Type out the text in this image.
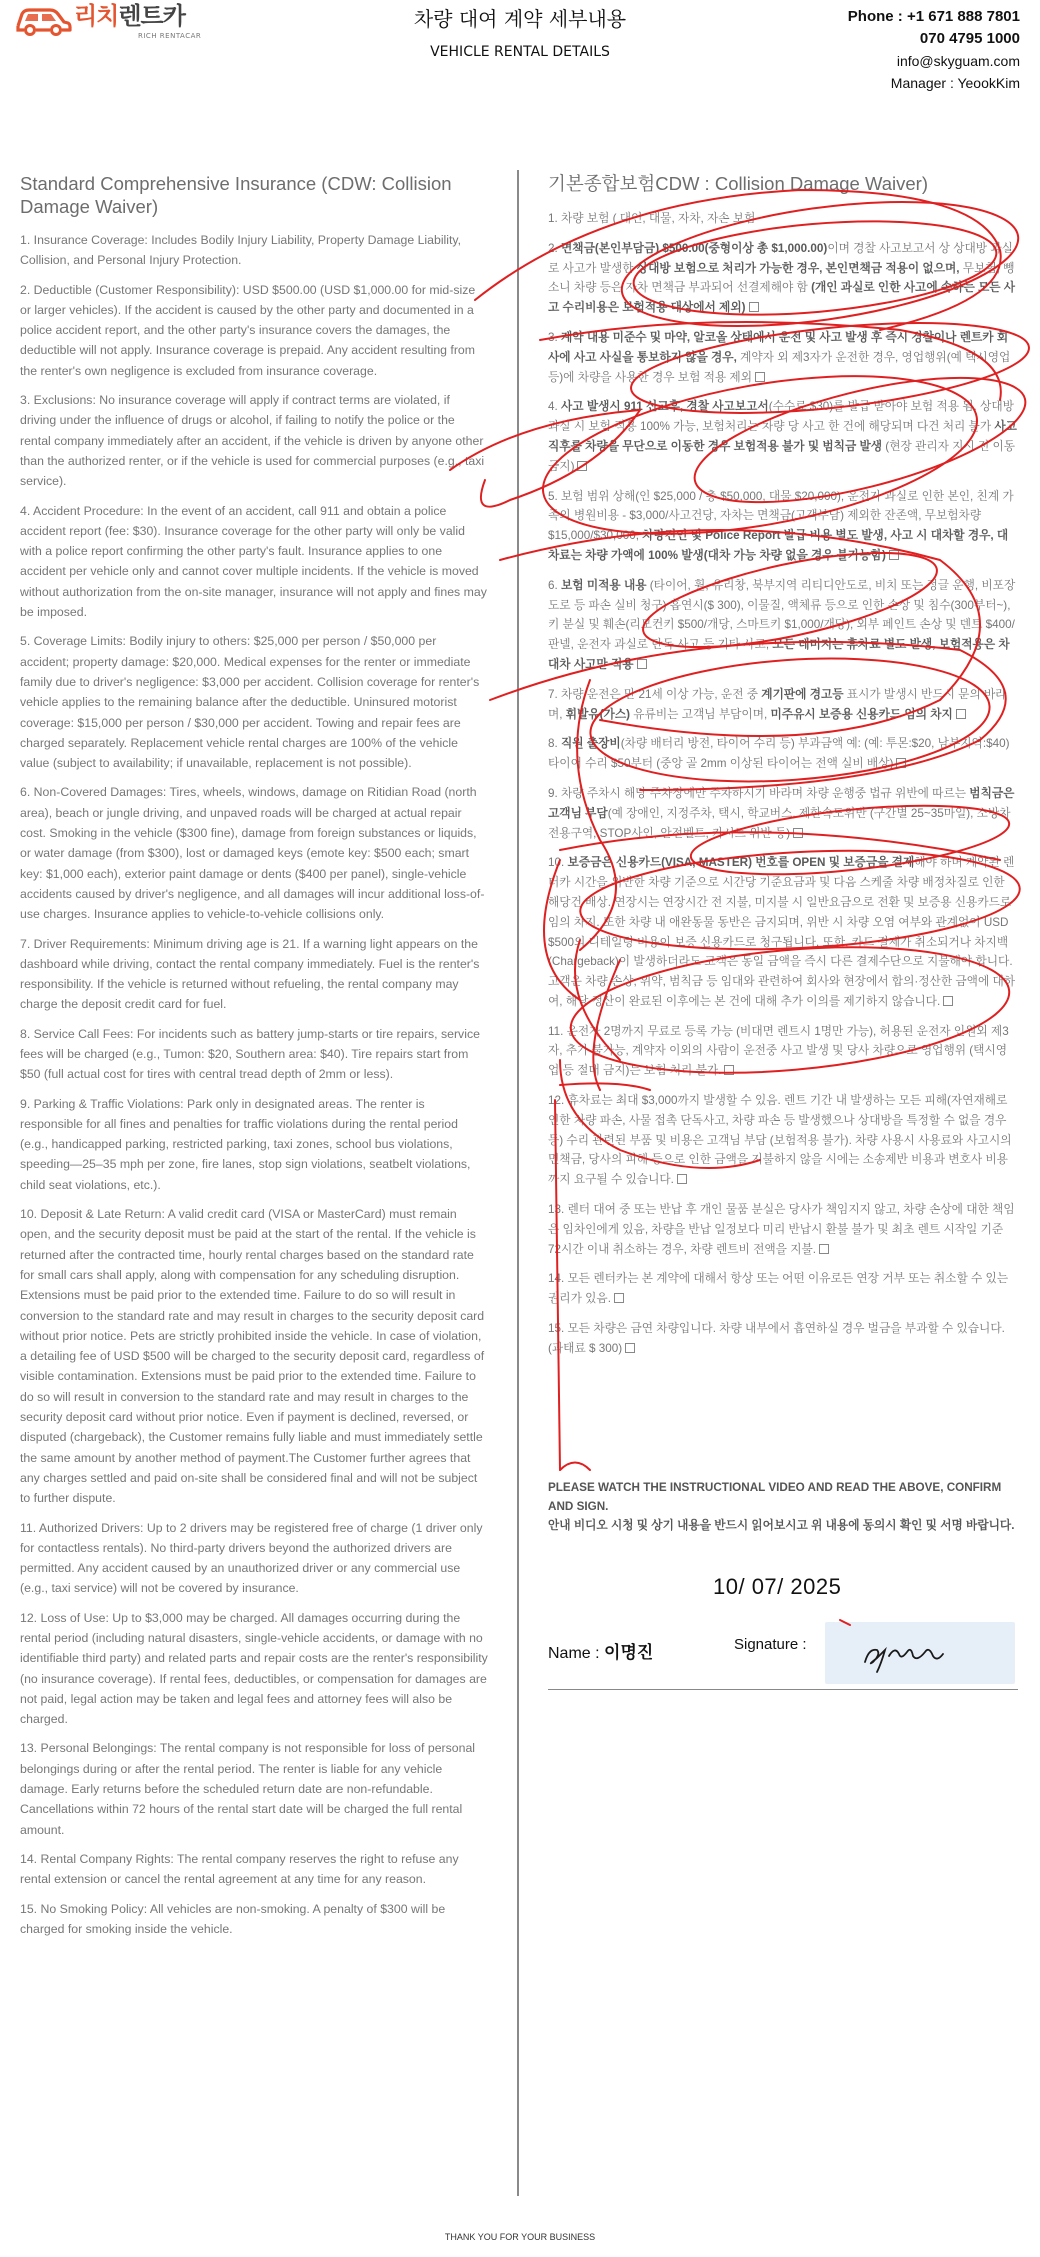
리치렌트카
RICH RENTACAR
차량 대여 계약 세부내용
VEHICLE RENTAL DETAILS
Phone : +1 671 888 7801
070 4795 1000
info@skyguam.com
Manager : YeookKim
Standard Comprehensive Insurance (CDW: Collision Damage Waiver)

1. Insurance Coverage: Includes Bodily Injury Liability, Property Damage Liability, Collision, and Personal Injury Protection.

2. Deductible (Customer Responsibility): USD $500.00 (USD $1,000.00 for mid-size or larger vehicles). If the accident is caused by the other party and documented in a police accident report, and the other party's insurance covers the damages, the deductible will not apply. Insurance coverage is prepaid. Any accident resulting from the renter's own negligence is excluded from insurance coverage.

3. Exclusions: No insurance coverage will apply if contract terms are violated, if driving under the influence of drugs or alcohol, if failing to notify the police or the rental company immediately after an accident, if the vehicle is driven by anyone other than the authorized renter, or if the vehicle is used for commercial purposes (e.g., taxi service).

4. Accident Procedure: In the event of an accident, call 911 and obtain a police accident report (fee: $30). Insurance coverage for the other party will only be valid with a police report confirming the other party's fault. Insurance applies to one accident per vehicle only and cannot cover multiple incidents. If the vehicle is moved without authorization from the on-site manager, insurance will not apply and fines may be imposed.

5. Coverage Limits: Bodily injury to others: $25,000 per person / $50,000 per accident; property damage: $20,000. Medical expenses for the renter or immediate family due to driver's negligence: $3,000 per accident. Collision coverage for renter's vehicle applies to the remaining balance after the deductible. Uninsured motorist coverage: $15,000 per person / $30,000 per accident. Towing and repair fees are charged separately. Replacement vehicle rental charges are 100% of the vehicle value (subject to availability; if unavailable, replacement is not possible).

6. Non-Covered Damages: Tires, wheels, windows, damage on Ritidian Road (north area), beach or jungle driving, and unpaved roads will be charged at actual repair cost. Smoking in the vehicle ($300 fine), damage from foreign substances or liquids, or water damage (from $300), lost or damaged keys (emote key: $500 each; smart key: $1,000 each), exterior paint damage or dents ($400 per panel), single-vehicle accidents caused by driver's negligence, and all damages will incur additional loss-of-use charges. Insurance applies to vehicle-to-vehicle collisions only.

7. Driver Requirements: Minimum driving age is 21. If a warning light appears on the dashboard while driving, contact the rental company immediately. Fuel is the renter's responsibility. If the vehicle is returned without refueling, the rental company may charge the deposit credit card for fuel.

8. Service Call Fees: For incidents such as battery jump-starts or tire repairs, service fees will be charged (e.g., Tumon: $20, Southern area: $40). Tire repairs start from $50 (full actual cost for tires with central tread depth of 2mm or less).

9. Parking & Traffic Violations: Park only in designated areas. The renter is responsible for all fines and penalties for traffic violations during the rental period (e.g., handicapped parking, restricted parking, taxi zones, school bus violations, speeding—25–35 mph per zone, fire lanes, stop sign violations, seatbelt violations, child seat violations, etc.).

10. Deposit & Late Return: A valid credit card (VISA or MasterCard) must remain open, and the security deposit must be paid at the start of the rental. If the vehicle is returned after the contracted time, hourly rental charges based on the standard rate for small cars shall apply, along with compensation for any scheduling disruption. Extensions must be paid prior to the extended time. Failure to do so will result in conversion to the standard rate and may result in charges to the security deposit card without prior notice. Pets are strictly prohibited inside the vehicle. In case of violation, a detailing fee of USD $500 will be charged to the security deposit card, regardless of visible contamination. Extensions must be paid prior to the extended time. Failure to do so will result in conversion to the standard rate and may result in charges to the security deposit card without prior notice. Even if payment is declined, reversed, or disputed (chargeback), the Customer remains fully liable and must immediately settle the same amount by another method of payment.The Customer further agrees that any charges settled and paid on-site shall be considered final and will not be subject to further dispute.

11. Authorized Drivers: Up to 2 drivers may be registered free of charge (1 driver only for contactless rentals). No third-party drivers beyond the authorized drivers are permitted. Any accident caused by an unauthorized driver or any commercial use (e.g., taxi service) will not be covered by insurance.

12. Loss of Use: Up to $3,000 may be charged. All damages occurring during the rental period (including natural disasters, single-vehicle accidents, or damage with no identifiable third party) and related parts and repair costs are the renter's responsibility (no insurance coverage). If rental fees, deductibles, or compensation for damages are not paid, legal action may be taken and legal fees and attorney fees will also be charged.

13. Personal Belongings: The rental company is not responsible for loss of personal belongings during or after the rental period. The renter is liable for any vehicle damage. Early returns before the scheduled return date are non-refundable. Cancellations within 72 hours of the rental start date will be charged the full rental amount.

14. Rental Company Rights: The rental company reserves the right to refuse any rental extension or cancel the rental agreement at any time for any reason.

15. No Smoking Policy: All vehicles are non-smoking. A penalty of $300 will be charged for smoking inside the vehicle.

기본종합보험CDW : Collision Damage Waiver)

1. 차량 보험 ( 대인, 대물, 자차, 자손 보험

2. 면책금(본인부담금) $500.00(중형이상 총 $1,000.00)이며 경찰 사고보고서 상 상대방 과실로 사고가 발생한 상대방 보험으로 처리가 가능한 경우, 본인면책금 적용이 없으며, 무보험, 뺑소니 차량 등은 자차 면책금 부과되어 선결제해야 함 (개인 과실로 인한 사고에 속하는 모든 사고 수리비용은 보험적용 대상에서 제외)

3. 계약 내용 미준수 및 마약, 알코올 상태에서 운전 및 사고 발생 후 즉시 경찰이나 렌트카 회사에 사고 사실을 통보하지 않을 경우, 계약자 외 제3자가 운전한 경우, 영업행위(예 택시영업 등)에 차량을 사용한 경우 보험 적용 제외

4. 사고 발생시 911 신고후, 경찰 사고보고서(수수료 $30)를 발급 받아야 보험 적용 됨. 상대방 과실 시 보험 적용 100% 가능, 보험처리는 차량 당 사고 한 건에 해당되며 다건 처리 불가 사고 직후를 차량을 무단으로 이동한 경우 보험적용 불가 및 범칙금 발생 (현장 관리자 지시 전 이동 금지)

5. 보험 범위 상해(인 $25,000 / 총 $50,000, 대물 $20,000), 운전자 과실로 인한 본인, 친계 가족의 병원비용 - $3,000/사고건당, 자차는 면책금(고객부담) 제외한 잔존액, 무보험차량 $15,000/$30,000, 차량견인 및 Police Report 발급 비용 별도 발생, 사고 시 대차할 경우, 대차료는 차량 가액에 100% 발생(대차 가능 차량 없을 경우 불가능함)

6. 보험 미적용 내용 (타이어, 휠, 유리창, 북부지역 리티디안도로, 비치 또는 정글 운행, 비포장도로 등 파손 실비 청구) 흡연시($ 300), 이물질, 액체류 등으로 인한 손상 및 침수(300부터~), 키 분실 및 훼손(리모컨키 $500/개당, 스마트키 $1,000/개당), 외부 페인트 손상 및 덴트 $400/판넬, 운전자 과실로 단독 사고 등 기타 사고, 모든 데미지는 휴차료 별도 발생, 보험적용은 차대차 사고만 적용

7. 차량 운전은 만 21세 이상 가능, 운전 중 계기판에 경고등 표시가 발생시 반드시 문의 바라며, 휘발유(가스) 유류비는 고객님 부담이며, 미주유시 보증용 신용카드 임의 차지

8. 직원 출장비(차량 배터리 방전, 타이어 수리 등) 부과금액 예: (예: 투몬:$20, 남부지역:$40) 타이어 수리 $50부터 (중앙 골 2mm 이상된 타이어는 전액 실비 배상)

9. 차량 주차시 해당 주차장에만 주차하시기 바라며 차량 운행중 법규 위반에 따르는 범칙금은 고객님 부담(예 장애인, 지정주차, 택시, 학교버스, 제한속도위반 (구간별 25~35마일), 소방차전용구역, STOP사인, 안전벨트, 카시트 위반 등)

10. 보증금은 신용카드(VISA, MASTER) 번호를 OPEN 및 보증금을 결제해야 하며 계약된 렌터카 시간을 위반한 차량 기준으로 시간당 기준요금과 및 다음 스케줄 차량 배정차질로 인한 해당건 배상. 연장시는 연장시간 전 지불, 미지불 시 일반요금으로 전환 및 보증용 신용카드로 임의 차지. 또한 차량 내 애완동물 동반은 금지되며, 위반 시 차량 오염 여부와 관계없이 USD $500의 디테일링 비용이 보증 신용카드로 청구됩니다. 또한, 카드 결제가 취소되거나 차지백(Chargeback)이 발생하더라도 고객은 동일 금액을 즉시 다른 결제수단으로 지불해야 합니다. 고객은 차량 손상, 위약, 범칙금 등 임대와 관련하여 회사와 현장에서 합의·정산한 금액에 대하여, 해당 정산이 완료된 이후에는 본 건에 대해 추가 이의를 제기하지 않습니다.

11. 운전자 2명까지 무료로 등록 가능 (비대면 렌트시 1명만 가능), 허용된 운전자 인원외 제3자, 추가 불가능, 계약자 이외의 사람이 운전중 사고 발생 및 당사 차량으로 영업행위 (택시영업 등 절대 금지)는 보험 처리 불가.

12. 휴차료는 최대 $3,000까지 발생할 수 있음. 렌트 기간 내 발생하는 모든 피해(자연재해로 인한 차량 파손, 사물 접촉 단독사고, 차량 파손 등 발생했으나 상대방을 특정할 수 없을 경우 등) 수리 관련된 부품 및 비용은 고객님 부담 (보험적용 불가). 차량 사용시 사용료와 사고시의 면책금, 당사의 피해 등으로 인한 금액을 지불하지 않을 시에는 소송제반 비용과 변호사 비용까지 요구될 수 있습니다.

13. 렌터 대여 중 또는 반납 후 개인 물품 분실은 당사가 책임지지 않고, 차량 손상에 대한 책임은 임차인에게 있음, 차량을 반납 일정보다 미리 반납시 환불 불가 및 최초 렌트 시작일 기준 72시간 이내 취소하는 경우, 차량 렌트비 전액을 지불.

14. 모든 렌터카는 본 계약에 대해서 항상 또는 어떤 이유로든 연장 거부 또는 취소할 수 있는 권리가 있음.

15. 모든 차량은 금연 차량입니다. 차량 내부에서 흡연하실 경우 벌금을 부과할 수 있습니다. (과태료 $ 300)

PLEASE WATCH THE INSTRUCTIONAL VIDEO AND READ THE ABOVE, CONFIRM AND SIGN.
안내 비디오 시청 및 상기 내용을 반드시 읽어보시고 위 내용에 동의시 확인 및 서명 바랍니다.
10/ 07/ 2025
Name : 이명진	Signature :
THANK YOU FOR YOUR BUSINESS
